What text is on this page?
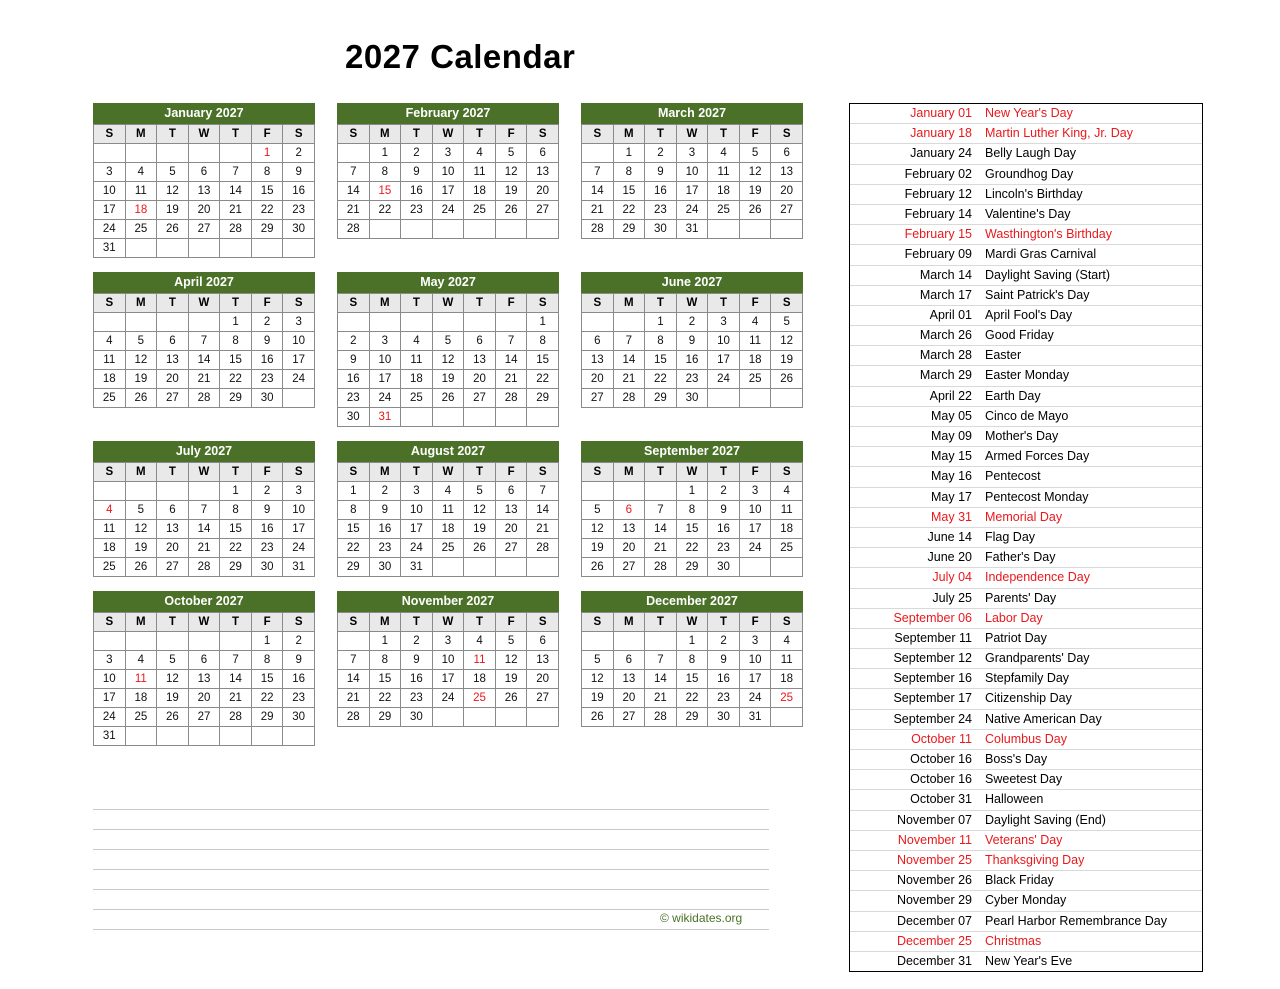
2027 Calendar
January 2027
S	M	T	W	T	F	S
					1	2
3	4	5	6	7	8	9
10	11	12	13	14	15	16
17	18	19	20	21	22	23
24	25	26	27	28	29	30
31						
February 2027
S	M	T	W	T	F	S
	1	2	3	4	5	6
7	8	9	10	11	12	13
14	15	16	17	18	19	20
21	22	23	24	25	26	27
28						
March 2027
S	M	T	W	T	F	S
	1	2	3	4	5	6
7	8	9	10	11	12	13
14	15	16	17	18	19	20
21	22	23	24	25	26	27
28	29	30	31			
April 2027
S	M	T	W	T	F	S
				1	2	3
4	5	6	7	8	9	10
11	12	13	14	15	16	17
18	19	20	21	22	23	24
25	26	27	28	29	30	
May 2027
S	M	T	W	T	F	S
						1
2	3	4	5	6	7	8
9	10	11	12	13	14	15
16	17	18	19	20	21	22
23	24	25	26	27	28	29
30	31					
June 2027
S	M	T	W	T	F	S
		1	2	3	4	5
6	7	8	9	10	11	12
13	14	15	16	17	18	19
20	21	22	23	24	25	26
27	28	29	30			
July 2027
S	M	T	W	T	F	S
				1	2	3
4	5	6	7	8	9	10
11	12	13	14	15	16	17
18	19	20	21	22	23	24
25	26	27	28	29	30	31
August 2027
S	M	T	W	T	F	S
1	2	3	4	5	6	7
8	9	10	11	12	13	14
15	16	17	18	19	20	21
22	23	24	25	26	27	28
29	30	31				
September 2027
S	M	T	W	T	F	S
			1	2	3	4
5	6	7	8	9	10	11
12	13	14	15	16	17	18
19	20	21	22	23	24	25
26	27	28	29	30		
October 2027
S	M	T	W	T	F	S
					1	2
3	4	5	6	7	8	9
10	11	12	13	14	15	16
17	18	19	20	21	22	23
24	25	26	27	28	29	30
31						
November 2027
S	M	T	W	T	F	S
	1	2	3	4	5	6
7	8	9	10	11	12	13
14	15	16	17	18	19	20
21	22	23	24	25	26	27
28	29	30				
December 2027
S	M	T	W	T	F	S
			1	2	3	4
5	6	7	8	9	10	11
12	13	14	15	16	17	18
19	20	21	22	23	24	25
26	27	28	29	30	31	
January 01	New Year's Day
January 18	Martin Luther King, Jr. Day
January 24	Belly Laugh Day
February 02	Groundhog Day
February 12	Lincoln's Birthday
February 14	Valentine's Day
February 15	Wasthington's Birthday
February 09	Mardi Gras Carnival
March 14	Daylight Saving (Start)
March 17	Saint Patrick's Day
April 01	April Fool's Day
March 26	Good Friday
March 28	Easter
March 29	Easter Monday
April 22	Earth Day
May 05	Cinco de Mayo
May 09	Mother's Day
May 15	Armed Forces Day
May 16	Pentecost
May 17	Pentecost Monday
May 31	Memorial Day
June 14	Flag Day
June 20	Father's Day
July 04	Independence Day
July 25	Parents' Day
September 06	Labor Day
September 11	Patriot Day
September 12	Grandparents' Day
September 16	Stepfamily Day
September 17	Citizenship Day
September 24	Native American Day
October 11	Columbus Day
October 16	Boss's Day
October 16	Sweetest Day
October 31	Halloween
November 07	Daylight Saving (End)
November 11	Veterans' Day
November 25	Thanksgiving Day
November 26	Black Friday
November 29	Cyber Monday
December 07	Pearl Harbor Remembrance Day
December 25	Christmas
December 31	New Year's Eve
© wikidates.org
